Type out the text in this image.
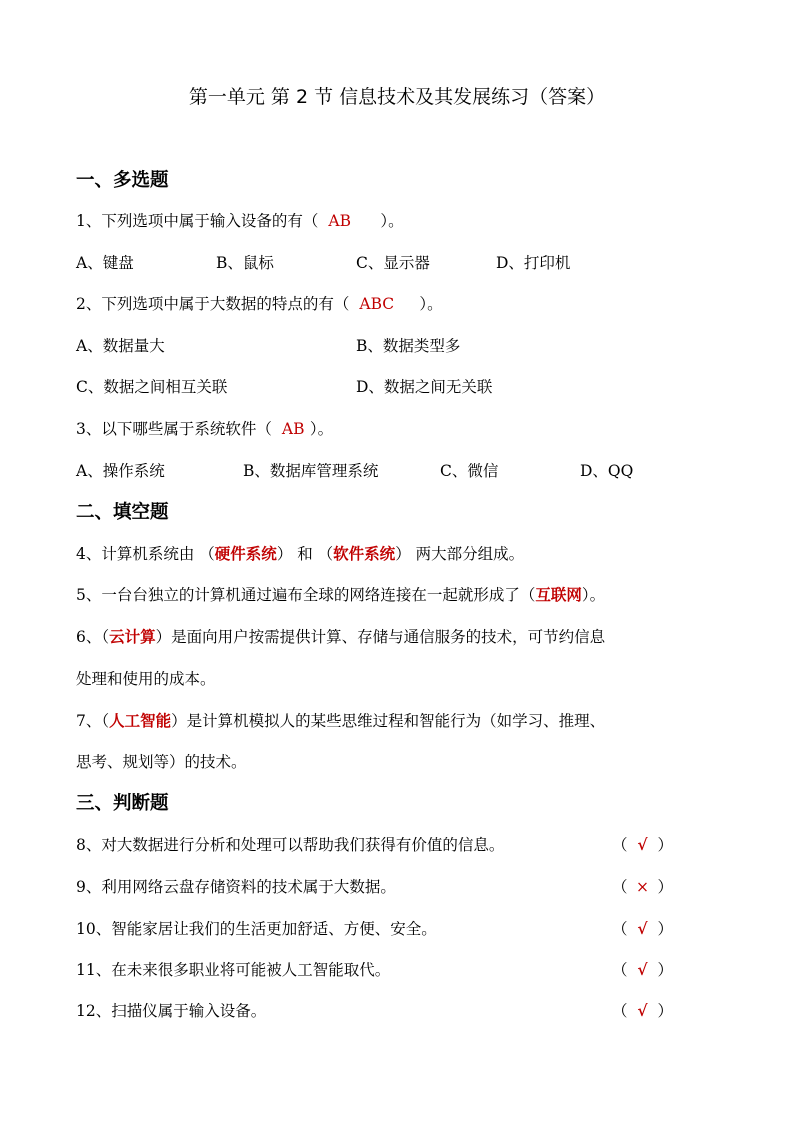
第一单元 第 2 节 信息技术及其发展练习（答案）
一、多选题
1、下列选项中属于输入设备的有（ AB ）。
A、键盘	B、鼠标	C、显示器	D、打印机
2、下列选项中属于大数据的特点的有（ ABC ）。
A、数据量大	B、数据类型多
C、数据之间相互关联	D、数据之间无关联
3、以下哪些属于系统软件（ AB ）。
A、操作系统	B、数据库管理系统	C、微信	D、QQ
二、填空题
4、计算机系统由 （硬件系统） 和 （软件系统） 两大部分组成。
5、一台台独立的计算机通过遍布全球的网络连接在一起就形成了（互联网）。
6、（云计算）是面向用户按需提供计算、存储与通信服务的技术，可节约信息
处理和使用的成本。
7、（人工智能）是计算机模拟人的某些思维过程和智能行为（如学习、推理、
思考、规划等）的技术。
三、判断题
8、对大数据进行分析和处理可以帮助我们获得有价值的信息。	（ √ ）
9、利用网络云盘存储资料的技术属于大数据。	（ × ）
10、智能家居让我们的生活更加舒适、方便、安全。	（ √ ）
11、在未来很多职业将可能被人工智能取代。	（ √ ）
12、扫描仪属于输入设备。	（ √ ）
